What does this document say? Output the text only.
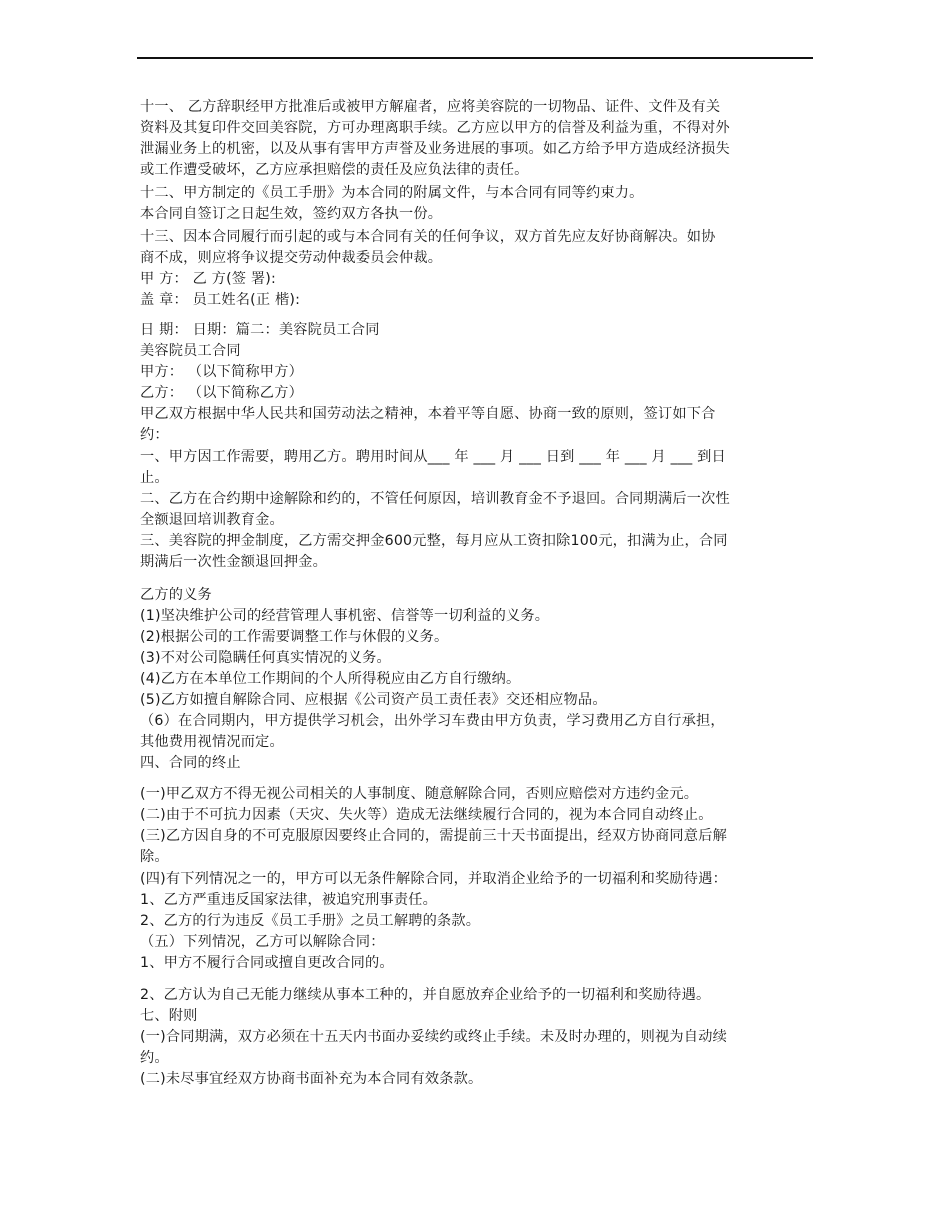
十一、 乙方辞职经甲方批准后或被甲方解雇者，应将美容院的一切物品、证件、文件及有关
资料及其复印件交回美容院，方可办理离职手续。乙方应以甲方的信誉及利益为重，不得对外
泄漏业务上的机密，以及从事有害甲方声誉及业务进展的事项。如乙方给予甲方造成经济损失
或工作遭受破坏，乙方应承担赔偿的责任及应负法律的责任。
十二、甲方制定的《员工手册》为本合同的附属文件，与本合同有同等约束力。
本合同自签订之日起生效，签约双方各执一份。
十三、因本合同履行而引起的或与本合同有关的任何争议，双方首先应友好协商解决。如协
商不成，则应将争议提交劳动仲裁委员会仲裁。
甲 方： 乙 方(签 署):
盖 章： 员工姓名(正 楷):
日 期： 日期：篇二：美容院员工合同
美容院员工合同
甲方： （以下简称甲方）
乙方： （以下简称乙方）
甲乙双方根据中华人民共和国劳动法之精神，本着平等自愿、协商一致的原则，签订如下合
约：
一、甲方因工作需要，聘用乙方。聘用时间从___ 年 ___ 月 ___ 日到 ___ 年 ___ 月 ___ 到日
止。
二、乙方在合约期中途解除和约的，不管任何原因，培训教育金不予退回。合同期满后一次性
全额退回培训教育金。
三、美容院的押金制度，乙方需交押金600元整，每月应从工资扣除100元，扣满为止，合同
期满后一次性金额退回押金。
乙方的义务
(1)坚决维护公司的经营管理人事机密、信誉等一切利益的义务。
(2)根据公司的工作需要调整工作与休假的义务。
(3)不对公司隐瞒任何真实情况的义务。
(4)乙方在本单位工作期间的个人所得税应由乙方自行缴纳。
(5)乙方如擅自解除合同、应根据《公司资产员工责任表》交还相应物品。
（6）在合同期内，甲方提供学习机会，出外学习车费由甲方负责，学习费用乙方自行承担，
其他费用视情况而定。
四、合同的终止
(一)甲乙双方不得无视公司相关的人事制度、随意解除合同，否则应赔偿对方违约金元。
(二)由于不可抗力因素（天灾、失火等）造成无法继续履行合同的，视为本合同自动终止。
(三)乙方因自身的不可克服原因要终止合同的，需提前三十天书面提出，经双方协商同意后解
除。
(四)有下列情况之一的，甲方可以无条件解除合同，并取消企业给予的一切福利和奖励待遇：
1、乙方严重违反国家法律，被追究刑事责任。
2、乙方的行为违反《员工手册》之员工解聘的条款。
（五）下列情况，乙方可以解除合同：
1、甲方不履行合同或擅自更改合同的。
2、乙方认为自己无能力继续从事本工种的，并自愿放弃企业给予的一切福利和奖励待遇。
七、附则
(一)合同期满，双方必须在十五天内书面办妥续约或终止手续。未及时办理的，则视为自动续
约。
(二)未尽事宜经双方协商书面补充为本合同有效条款。
